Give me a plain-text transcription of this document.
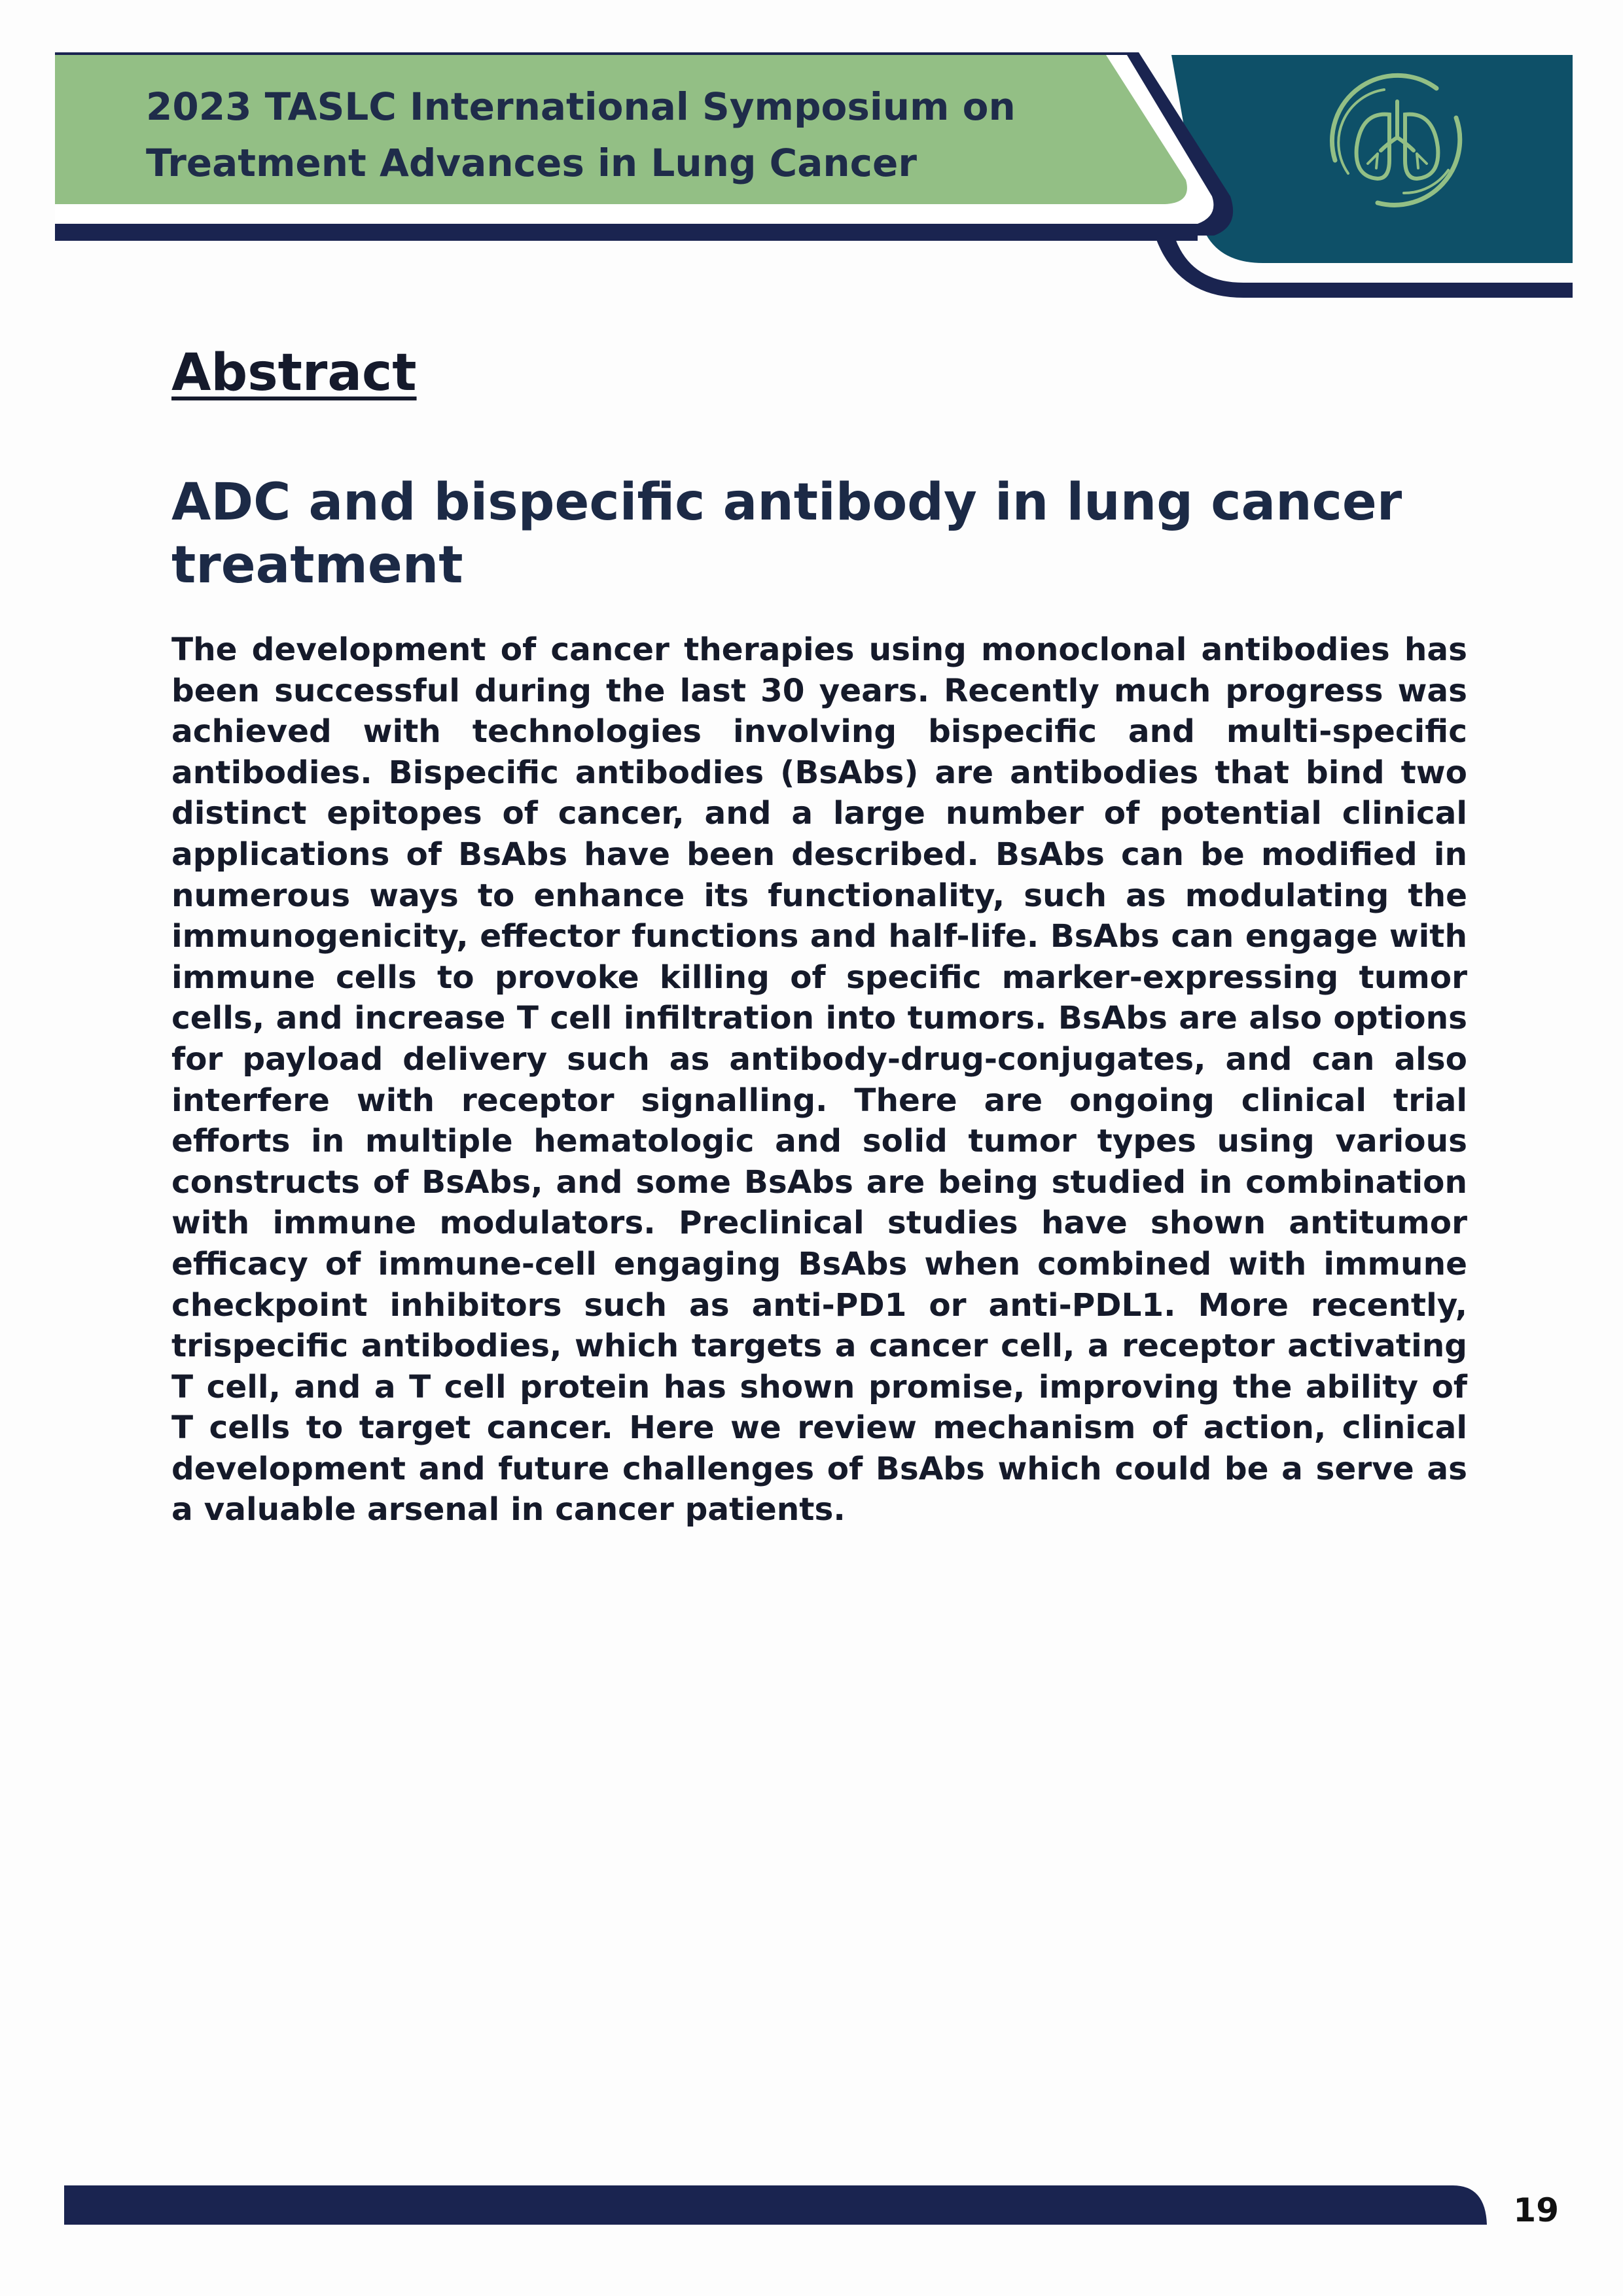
2023 TASLC International Symposium on
Treatment Advances in Lung Cancer
Abstract
ADC and bispecific antibody in lung cancer treatment

The development of cancer therapies using monoclonal antibodies has been successful during the last 30 years. Recently much progress was achieved with technologies involving bispecific and multi-specific antibodies. Bispecific antibodies (BsAbs) are antibodies that bind two distinct epitopes of cancer, and a large number of potential clinical applications of BsAbs have been described. BsAbs can be modified in numerous ways to enhance its functionality, such as modulating the immunogenicity, effector functions and half-life. BsAbs can engage with immune cells to provoke killing of specific marker-expressing tumor cells, and increase T cell infiltration into tumors. BsAbs are also options for payload delivery such as antibody-drug-conjugates, and can also interfere with receptor signalling. There are ongoing clinical trial efforts in multiple hematologic and solid tumor types using various constructs of BsAbs, and some BsAbs are being studied in combination with immune modulators. Preclinical studies have shown antitumor efficacy of immune-cell engaging BsAbs when combined with immune checkpoint inhibitors such as anti-PD1 or anti-PDL1. More recently, trispecific antibodies, which targets a cancer cell, a receptor activating T cell, and a T cell protein has shown promise, improving the ability of T cells to target cancer. Here we review mechanism of action, clinical development and future challenges of BsAbs which could be a serve as a valuable arsenal in cancer patients.

19
